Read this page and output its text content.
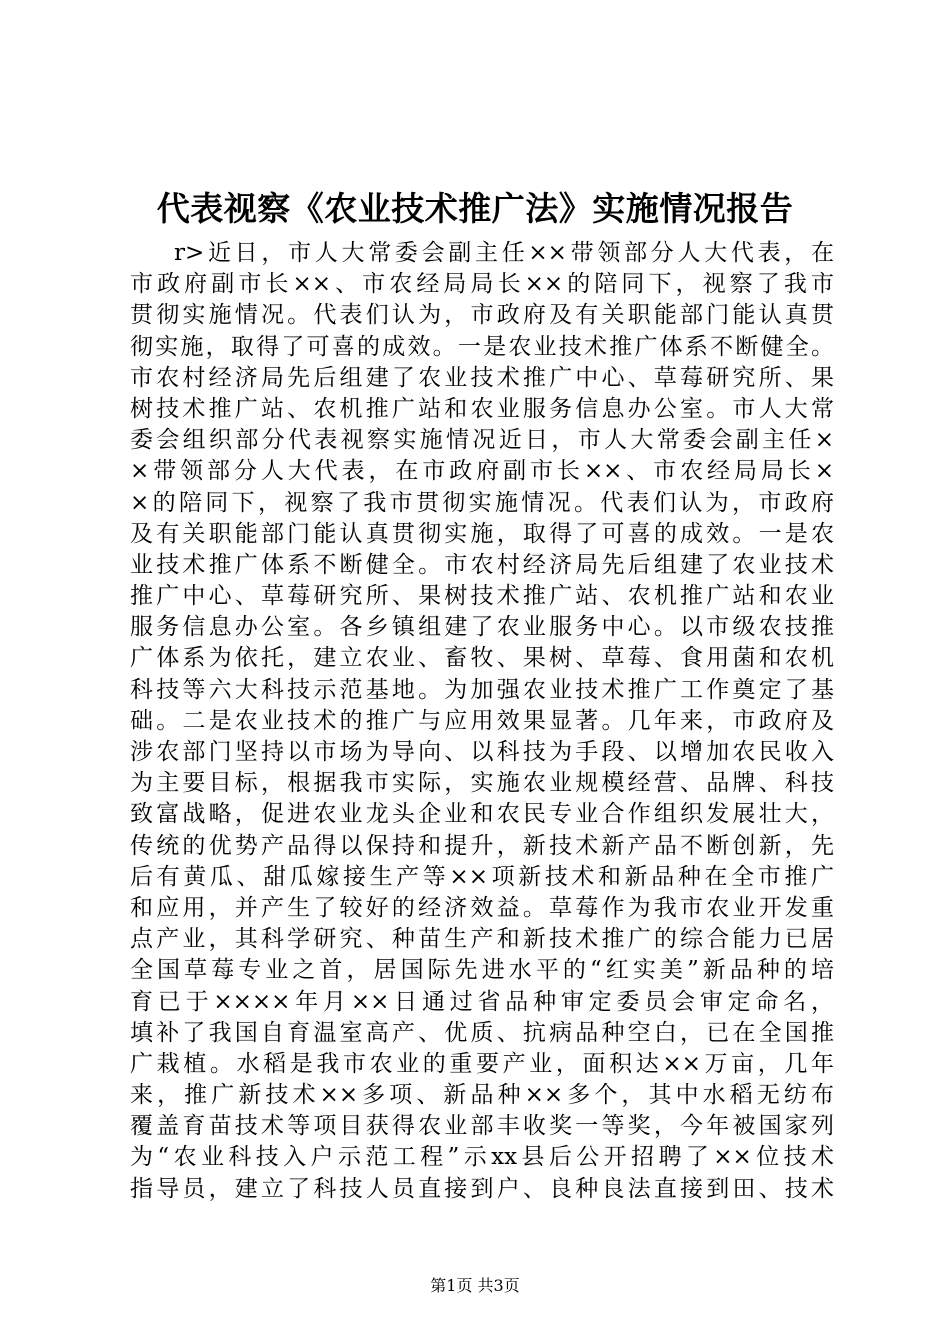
代表视察《农业技术推广法》实施情况报告
r>近日，市人大常委会副主任××带领部分人大代表，在
市政府副市长××、市农经局局长××的陪同下，视察了我市
贯彻实施情况。代表们认为，市政府及有关职能部门能认真贯
彻实施，取得了可喜的成效。一是农业技术推广体系不断健全。
市农村经济局先后组建了农业技术推广中心、草莓研究所、果
树技术推广站、农机推广站和农业服务信息办公室。市人大常
委会组织部分代表视察实施情况近日，市人大常委会副主任×
×带领部分人大代表，在市政府副市长××、市农经局局长×
×的陪同下，视察了我市贯彻实施情况。代表们认为，市政府
及有关职能部门能认真贯彻实施，取得了可喜的成效。一是农
业技术推广体系不断健全。市农村经济局先后组建了农业技术
推广中心、草莓研究所、果树技术推广站、农机推广站和农业
服务信息办公室。各乡镇组建了农业服务中心。以市级农技推
广体系为依托，建立农业、畜牧、果树、草莓、食用菌和农机
科技等六大科技示范基地。为加强农业技术推广工作奠定了基
础。二是农业技术的推广与应用效果显著。几年来，市政府及
涉农部门坚持以市场为导向、以科技为手段、以增加农民收入
为主要目标，根据我市实际，实施农业规模经营、品牌、科技
致富战略，促进农业龙头企业和农民专业合作组织发展壮大，
传统的优势产品得以保持和提升，新技术新产品不断创新，先
后有黄瓜、甜瓜嫁接生产等××项新技术和新品种在全市推广
和应用，并产生了较好的经济效益。草莓作为我市农业开发重
点产业，其科学研究、种苗生产和新技术推广的综合能力已居
全国草莓专业之首，居国际先进水平的“红实美”新品种的培
育已于××××年月××日通过省品种审定委员会审定命名，
填补了我国自育温室高产、优质、抗病品种空白，已在全国推
广栽植。水稻是我市农业的重要产业，面积达××万亩，几年
来，推广新技术××多项、新品种××多个，其中水稻无纺布
覆盖育苗技术等项目获得农业部丰收奖一等奖，今年被国家列
为“农业科技入户示范工程”示xx县后公开招聘了××位技术
指导员，建立了科技人员直接到户、良种良法直接到田、技术
第1页 共3页
